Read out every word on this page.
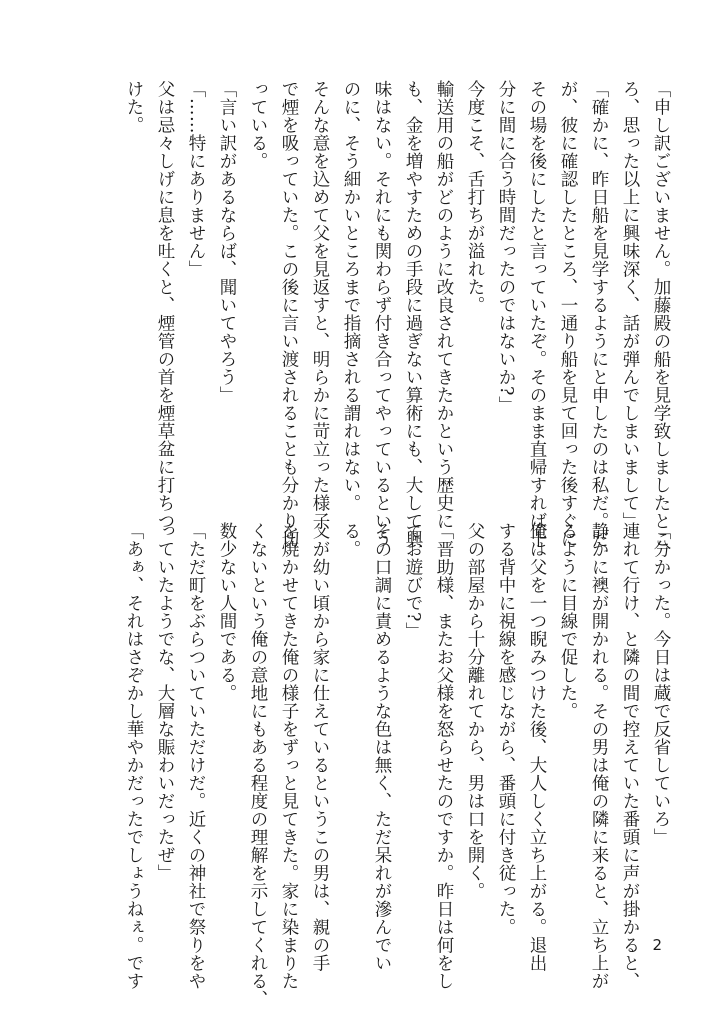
「申し訳ございません。加藤殿の船を見学致しましたとこ
ろ、思った以上に興味深く、話が弾んでしまいまして」
「確かに、昨日船を見学するようにと申したのは私だ。だ
が、彼に確認したところ、一通り船を見て回った後すぐに
その場を後にしたと言っていたぞ。そのまま直帰すれば十
分に間に合う時間だったのではないか?」
今度こそ、舌打ちが溢れた。
輸送用の船がどのように改良されてきたかという歴史に
も、金を増やすための手段に過ぎない算術にも、大して興
味はない。それにも関わらず付き合ってやっているという
のに、そう細かいところまで指摘される謂れはない。
そんな意を込めて父を見返すと、明らかに苛立った様子
で煙を吸っていた。この後に言い渡されることも分かり切
っている。
「言い訳があるならば、聞いてやろう」
「……特にありません」
父は忌々しげに息を吐くと、煙管の首を煙草盆に打ちつ
けた。
「分かった。今日は蔵で反省していろ」
連れて行け、と隣の間で控えていた番頭に声が掛かると、
静かに襖が開かれる。その男は俺の隣に来ると、立ち上が
るように目線で促した。
俺は父を一つ睨みつけた後、大人しく立ち上がる。退出
する背中に視線を感じながら、番頭に付き従った。
父の部屋から十分離れてから、男は口を開く。
「晋助様、またお父様を怒らせたのですか。昨日は何をし
てお遊びで?」
その口調に責めるような色は無く、ただ呆れが滲んでい
る。
父が幼い頃から家に仕えているというこの男は、親の手
を焼かせてきた俺の様子をずっと見てきた。家に染まりた
くないという俺の意地にもある程度の理解を示してくれる、
数少ない人間である。
「ただ町をぶらついていただけだ。近くの神社で祭りをや
っていたようでな、大層な賑わいだったぜ」
「あぁ、それはさぞかし華やかだったでしょうねぇ。です	2
